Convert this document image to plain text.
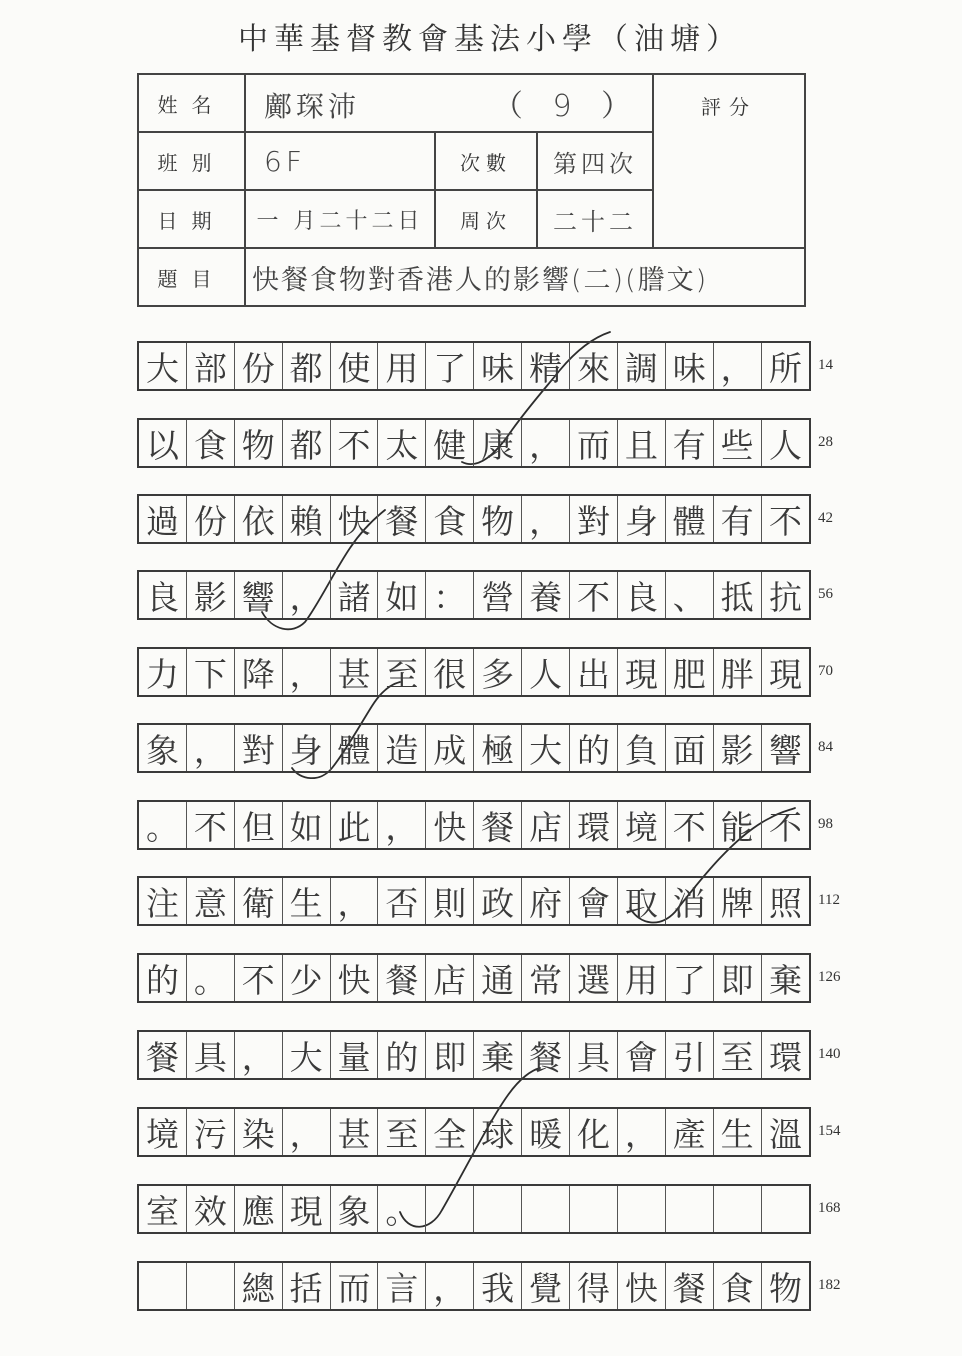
中華基督教會基法小學（油塘）
姓名	鄺琛沛 （ 9 ）			評分
班別	6F	次數	第四次	
日期	一 月二十二日	周次	二十二	
題目	快餐食物對香港人的影響(二)(謄文)			
大 部 份 都 使 用 了 味 精 來 調 味 ， 所	14
以 食 物 都 不 太 健 康 ， 而 且 有 些 人	28
過 份 依 賴 快 餐 食 物 ， 對 身 體 有 不	42
良 影 響 ， 諸 如 ： 營 養 不 良 、 抵 抗	56
力 下 降 ， 甚 至 很 多 人 出 現 肥 胖 現	70
象 ， 對 身 體 造 成 極 大 的 負 面 影 響	84
。 不 但 如 此 ， 快 餐 店 環 境 不 能 不	98
注 意 衛 生 ， 否 則 政 府 會 取 消 牌 照	112
的 。 不 少 快 餐 店 通 常 選 用 了 即 棄	126
餐 具 ， 大 量 的 即 棄 餐 具 會 引 至 環	140
境 污 染 ， 甚 至 全 球 暖 化 ， 產 生 溫	154
室 效 應 現 象 。	168
總 括 而 言 ， 我 覺 得 快 餐 食 物	182
